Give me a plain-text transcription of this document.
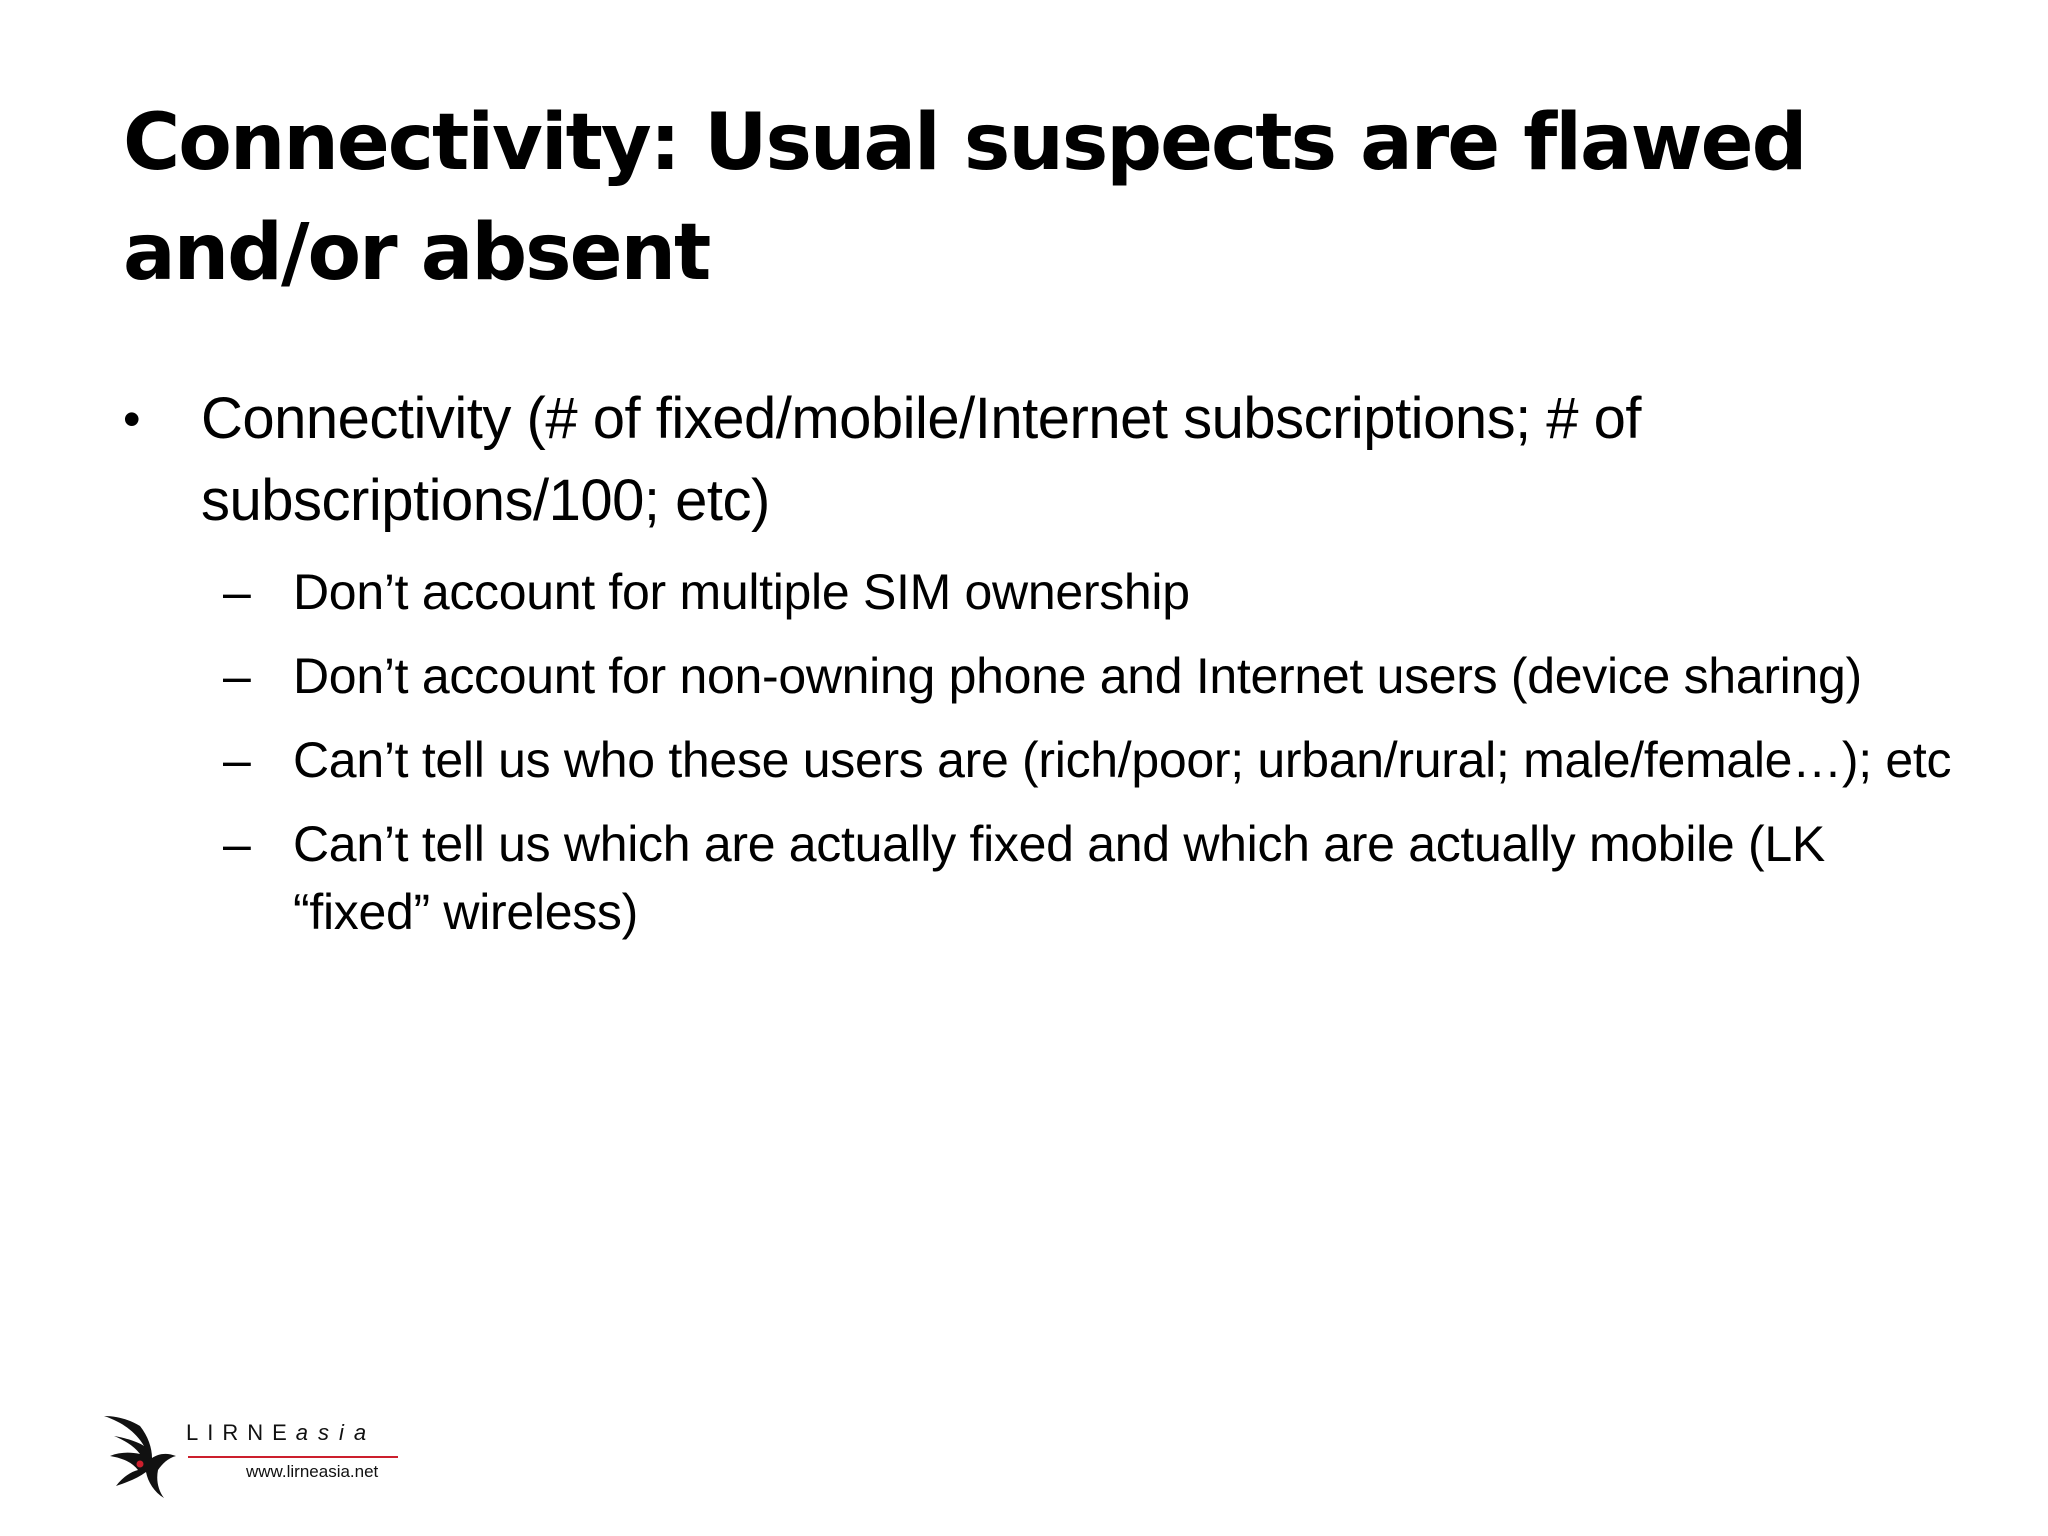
Connectivity: Usual suspects are flawed and/or absent
• Connectivity (# of fixed/mobile/Internet subscriptions; # of subscriptions/100; etc)
– Don’t account for multiple SIM ownership
– Don’t account for non-owning phone and Internet users (device sharing)
– Can’t tell us who these users are (rich/poor; urban/rural; male/female…); etc
– Can’t tell us which are actually fixed and which are actually mobile (LK “fixed” wireless)
LIRNEasia
www.lirneasia.net
